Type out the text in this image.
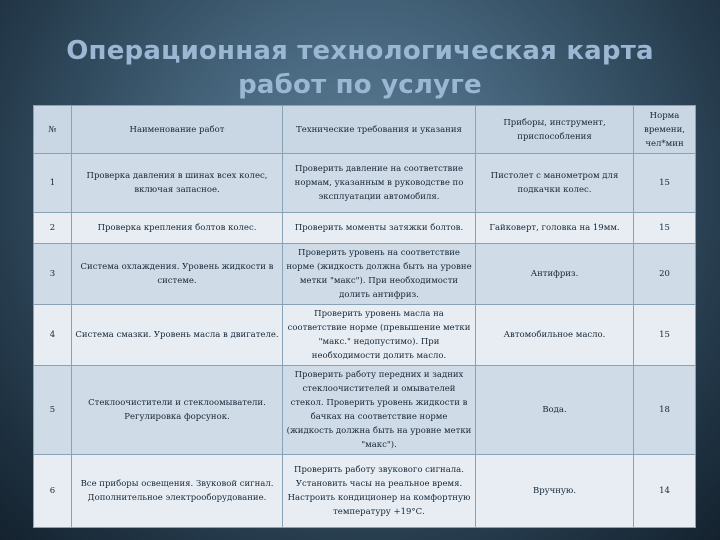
Операционная технологическая карта
работ по услуге
№	Наименование работ	Технические требования и указания	Приборы, инструмент, приспособления	Норма времени, чел*мин
1	Проверка давления в шинах всех колес, включая запасное.	Проверить давление на соответствие нормам, указанным в руководстве по эксплуатации автомобиля.	Пистолет с манометром для подкачки колес.	15
2	Проверка крепления болтов колес.	Проверить моменты затяжки болтов.	Гайковерт, головка на 19мм.	15
3	Система охлаждения. Уровень жидкости в системе.	Проверить уровень на соответствие норме (жидкость должна быть на уровне метки "макс"). При необходимости долить антифриз.	Антифриз.	20
4	Система смазки. Уровень масла в двигателе.	Проверить уровень масла на соответствие норме (превышение метки "макс." недопустимо). При необходимости долить масло.	Автомобильное масло.	15
5	Стеклоочистители и стеклоомыватели. Регулировка форсунок.	Проверить работу передних и задних стеклоочистителей и омывателей стекол. Проверить уровень жидкости в бачках на соответствие норме (жидкость должна быть на уровне метки "макс").	Вода.	18
6	Все приборы освещения. Звуковой сигнал. Дополнительное электрооборудование.	Проверить работу звукового сигнала. Установить часы на реальное время. Настроить кондиционер на комфортную температуру +19°С.	Вручную.	14
